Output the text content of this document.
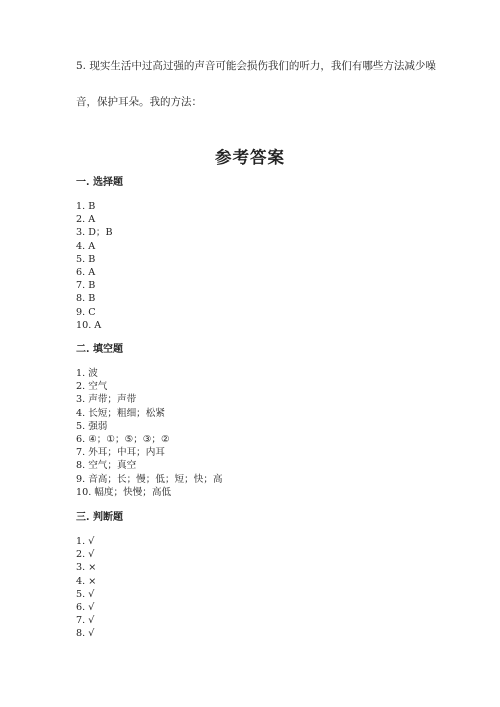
5. 现实生活中过高过强的声音可能会损伤我们的听力，我们有哪些方法减少噪
音，保护耳朵。我的方法：
参考答案
一. 选择题
1. B
2. A
3. D；B
4. A
5. B
6. A
7. B
8. B
9. C
10. A
二. 填空题
1. 波
2. 空气
3. 声带；声带
4. 长短；粗细；松紧
5. 强弱
6. ④；①；⑤；③；②
7. 外耳；中耳；内耳
8. 空气；真空
9. 音高；长；慢；低；短；快；高
10. 幅度；快慢；高低
三. 判断题
1. √
2. √
3. ×
4. ×
5. √
6. √
7. √
8. √
